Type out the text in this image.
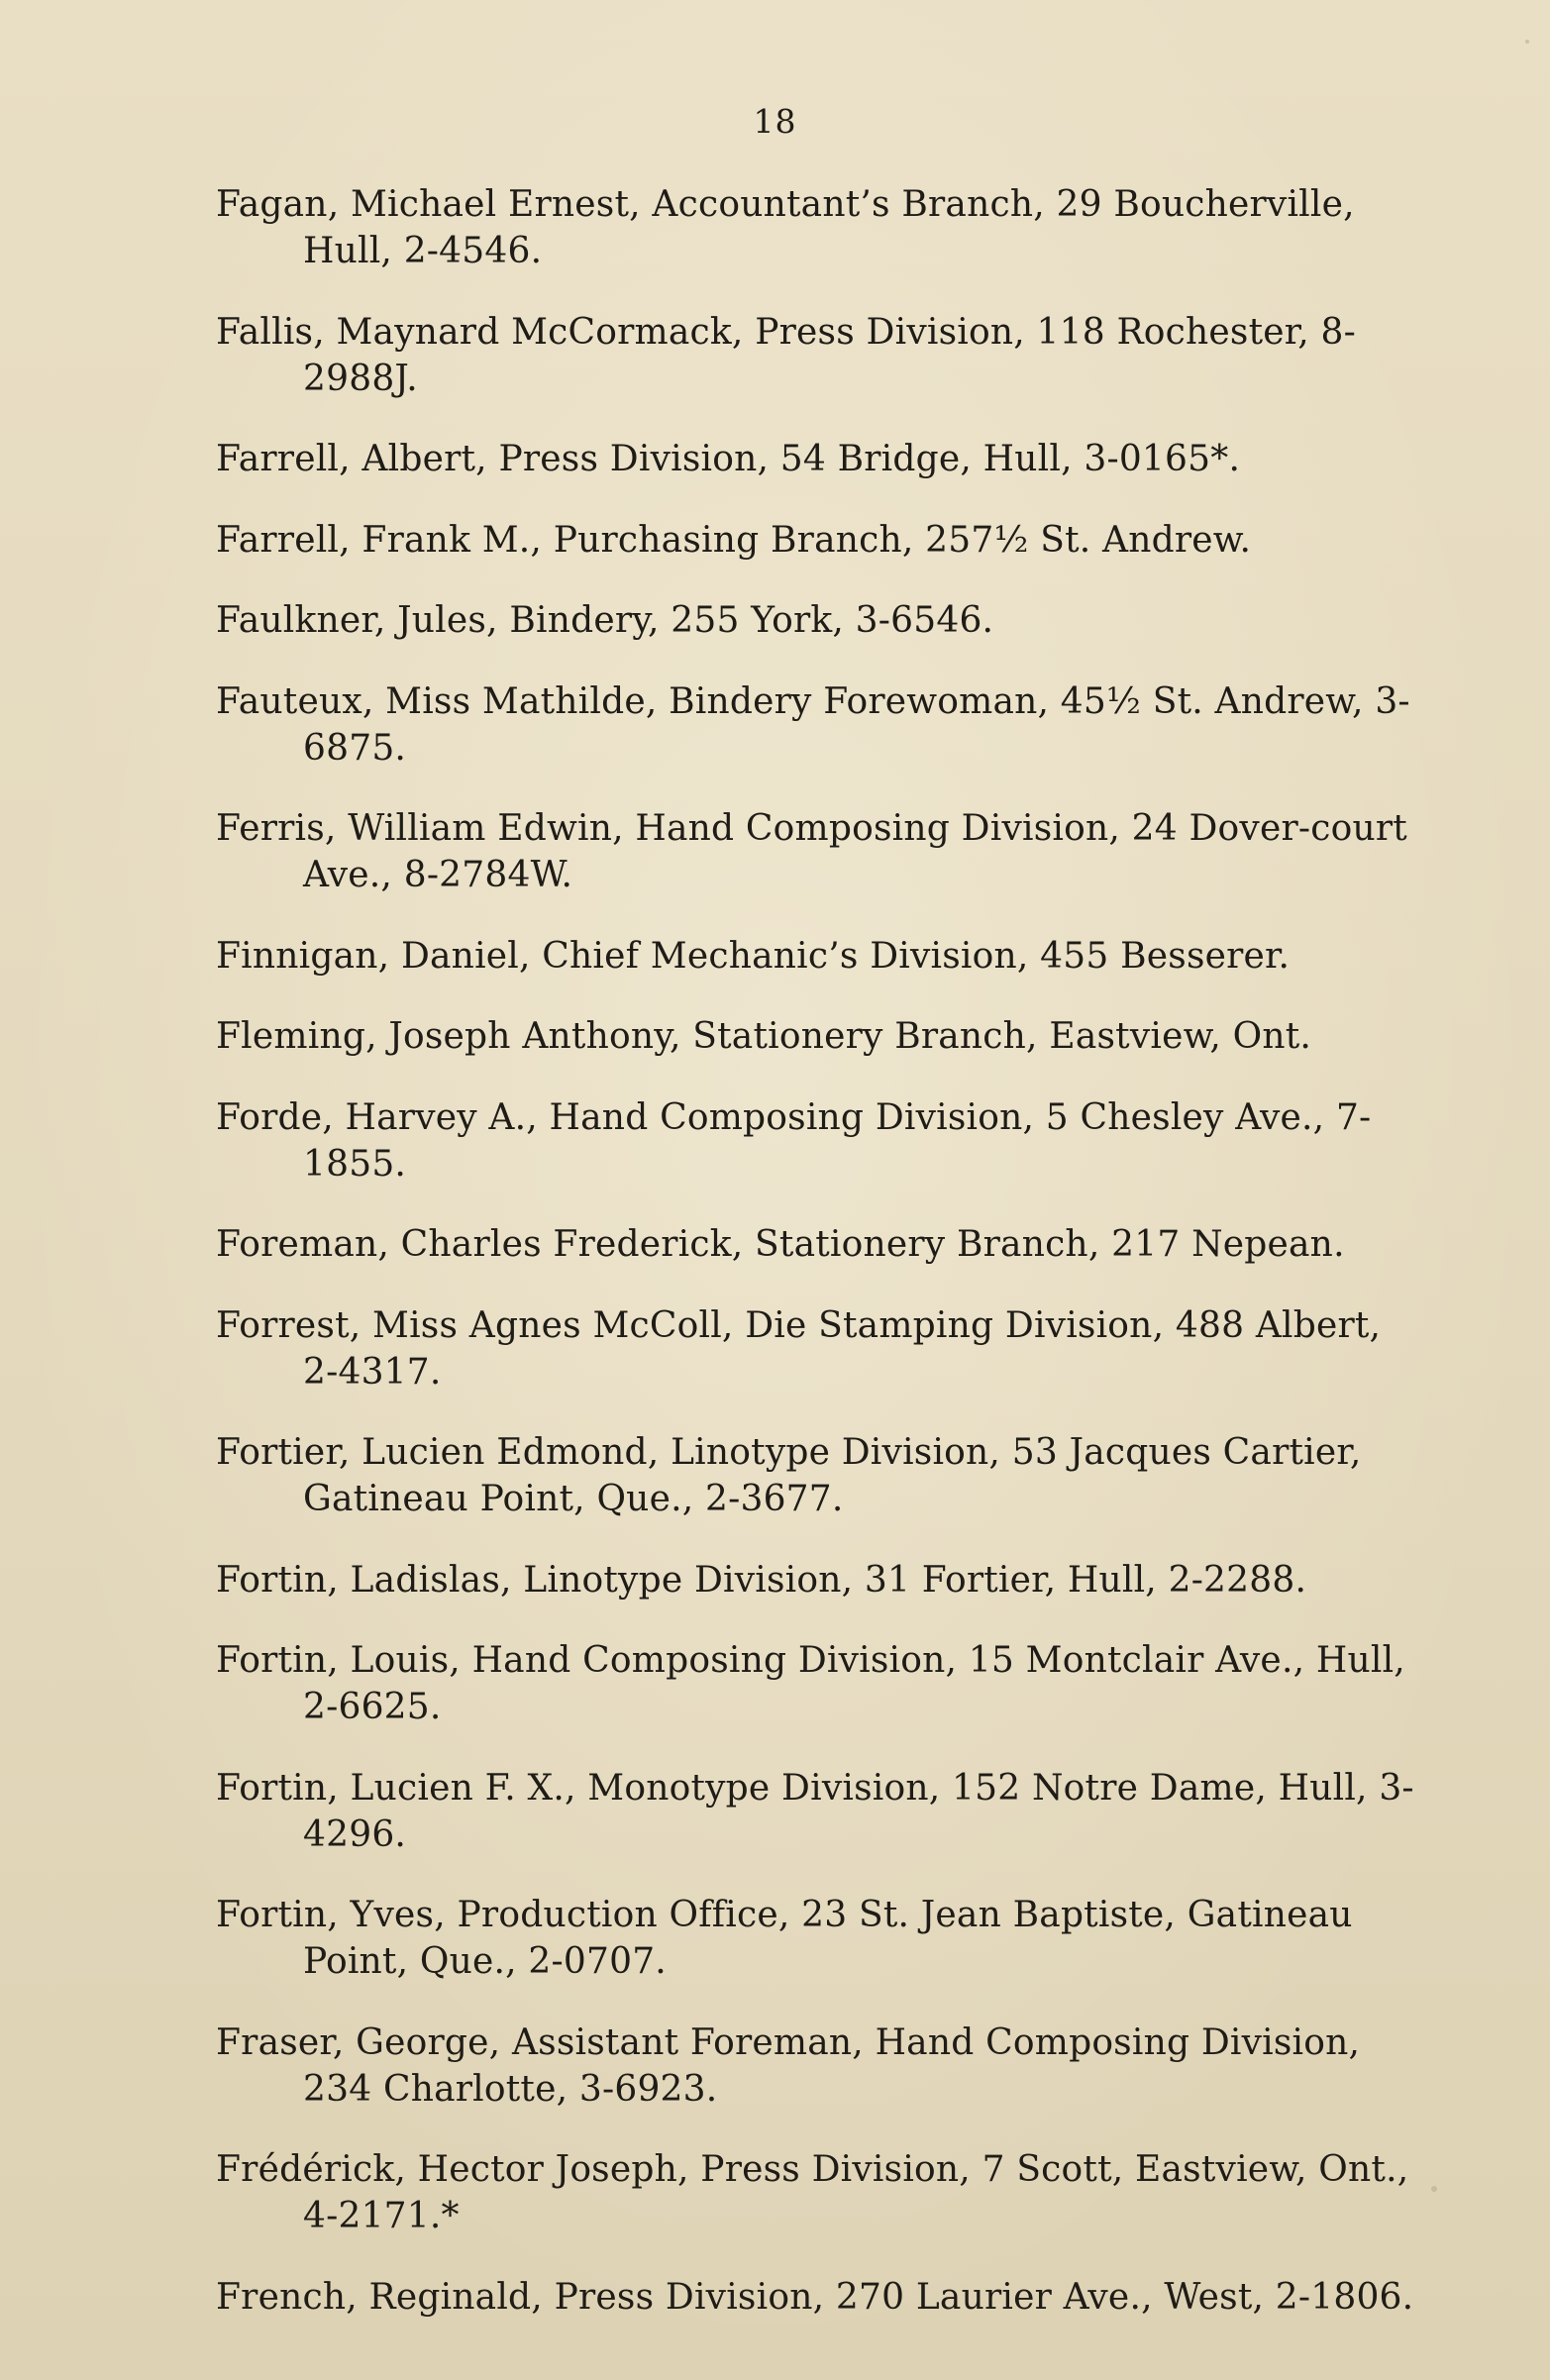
18
Fagan, Michael Ernest, Accountant’s Branch, 29 Boucherville, Hull, 2-4546.
Fallis, Maynard McCormack, Press Division, 118 Rochester, 8-2988J.
Farrell, Albert, Press Division, 54 Bridge, Hull, 3-0165*.
Farrell, Frank M., Purchasing Branch, 257½ St. Andrew.
Faulkner, Jules, Bindery, 255 York, 3-6546.
Fauteux, Miss Mathilde, Bindery Forewoman, 45½ St. Andrew, 3-6875.
Ferris, William Edwin, Hand Composing Division, 24 Dover-court Ave., 8-2784W.
Finnigan, Daniel, Chief Mechanic’s Division, 455 Besserer.
Fleming, Joseph Anthony, Stationery Branch, Eastview, Ont.
Forde, Harvey A., Hand Composing Division, 5 Chesley Ave., 7-1855.
Foreman, Charles Frederick, Stationery Branch, 217 Nepean.
Forrest, Miss Agnes McColl, Die Stamping Division, 488 Albert, 2-4317.
Fortier, Lucien Edmond, Linotype Division, 53 Jacques Cartier, Gatineau Point, Que., 2-3677.
Fortin, Ladislas, Linotype Division, 31 Fortier, Hull, 2-2288.
Fortin, Louis, Hand Composing Division, 15 Montclair Ave., Hull, 2-6625.
Fortin, Lucien F. X., Monotype Division, 152 Notre Dame, Hull, 3-4296.
Fortin, Yves, Production Office, 23 St. Jean Baptiste, Gatineau Point, Que., 2-0707.
Fraser, George, Assistant Foreman, Hand Composing Division, 234 Charlotte, 3-6923.
Frédérick, Hector Joseph, Press Division, 7 Scott, Eastview, Ont., 4-2171.*
French, Reginald, Press Division, 270 Laurier Ave., West, 2-1806.
